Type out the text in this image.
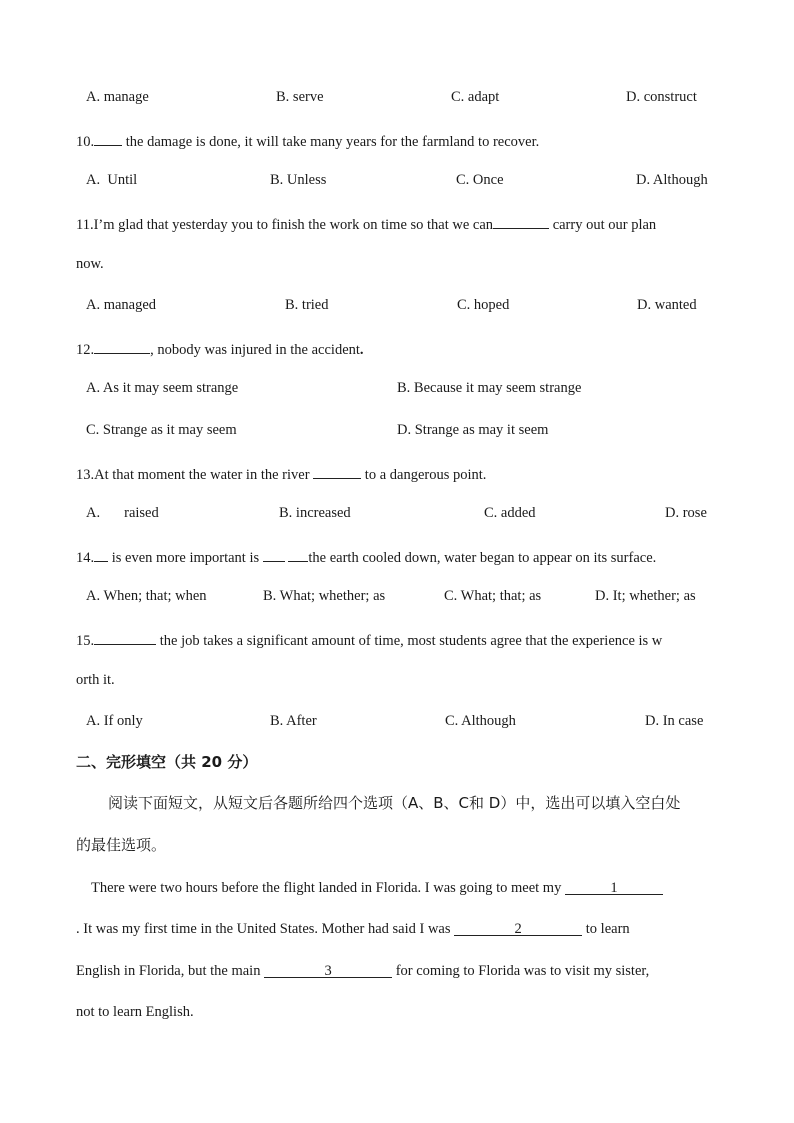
A. manage	B. serve	C. adapt	D. construct
10. the damage is done, it will take many years for the farmland to recover.
A.  Until	B. Unless	C. Once	D. Although
11.I’m glad that yesterday you to finish the work on time so that we can	carry out our plan
now.
A. managed	B. tried	C. hoped	D. wanted
12.	, nobody was injured in the accident.
A. As it may seem strange	B. Because it may seem strange
C. Strange as it may seem	D. Strange as may it seem
13.At that moment the water in the river	to a dangerous point.
A. raised	B. increased	C. added	D. rose
14. is even more important is	the earth cooled down, water began to appear on its surface.
A. When; that; when	B. What; whether; as	C. What; that; as	D. It; whether; as
15.	the job takes a significant amount of time, most students agree that the experience is w
orth it.
A. If only	B. After	C. Although	D. In case
二、完形填空（共 20 分）
阅读下面短文，从短文后各题所给四个选项（A、B、C和 D）中，选出可以填入空白处
的最佳选项。
There were two hours before the flight landed in Florida. I was going to meet my	1
. It was my first time in the United States. Mother had said I was	2	to learn
English in Florida, but the main	3	for coming to Florida was to visit my sister,
not to learn English.
